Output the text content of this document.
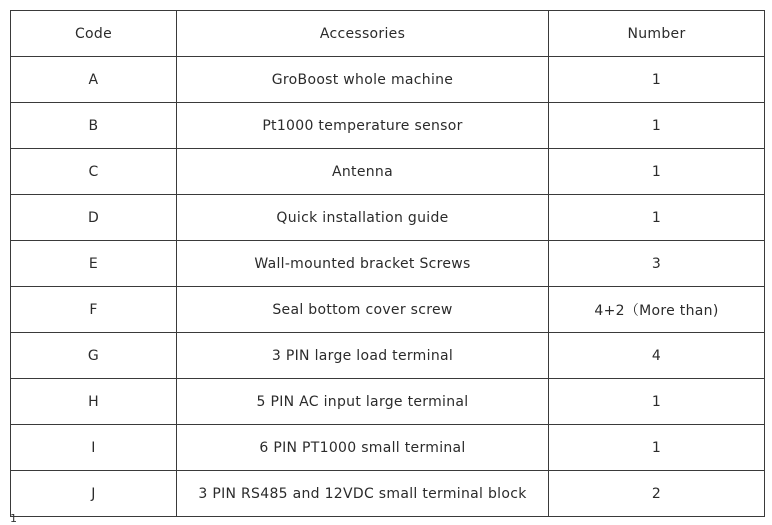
Code	Accessories	Number
A	GroBoost whole machine	1
B	Pt1000 temperature sensor	1
C	Antenna	1
D	Quick installation guide	1
E	Wall-mounted bracket Screws	3
F	Seal bottom cover screw	4+2（More than)
G	3 PIN large load terminal	4
H	5 PIN AC input large terminal	1
I	6 PIN PT1000 small terminal	1
J	3 PIN RS485 and 12VDC small terminal block	2
1
